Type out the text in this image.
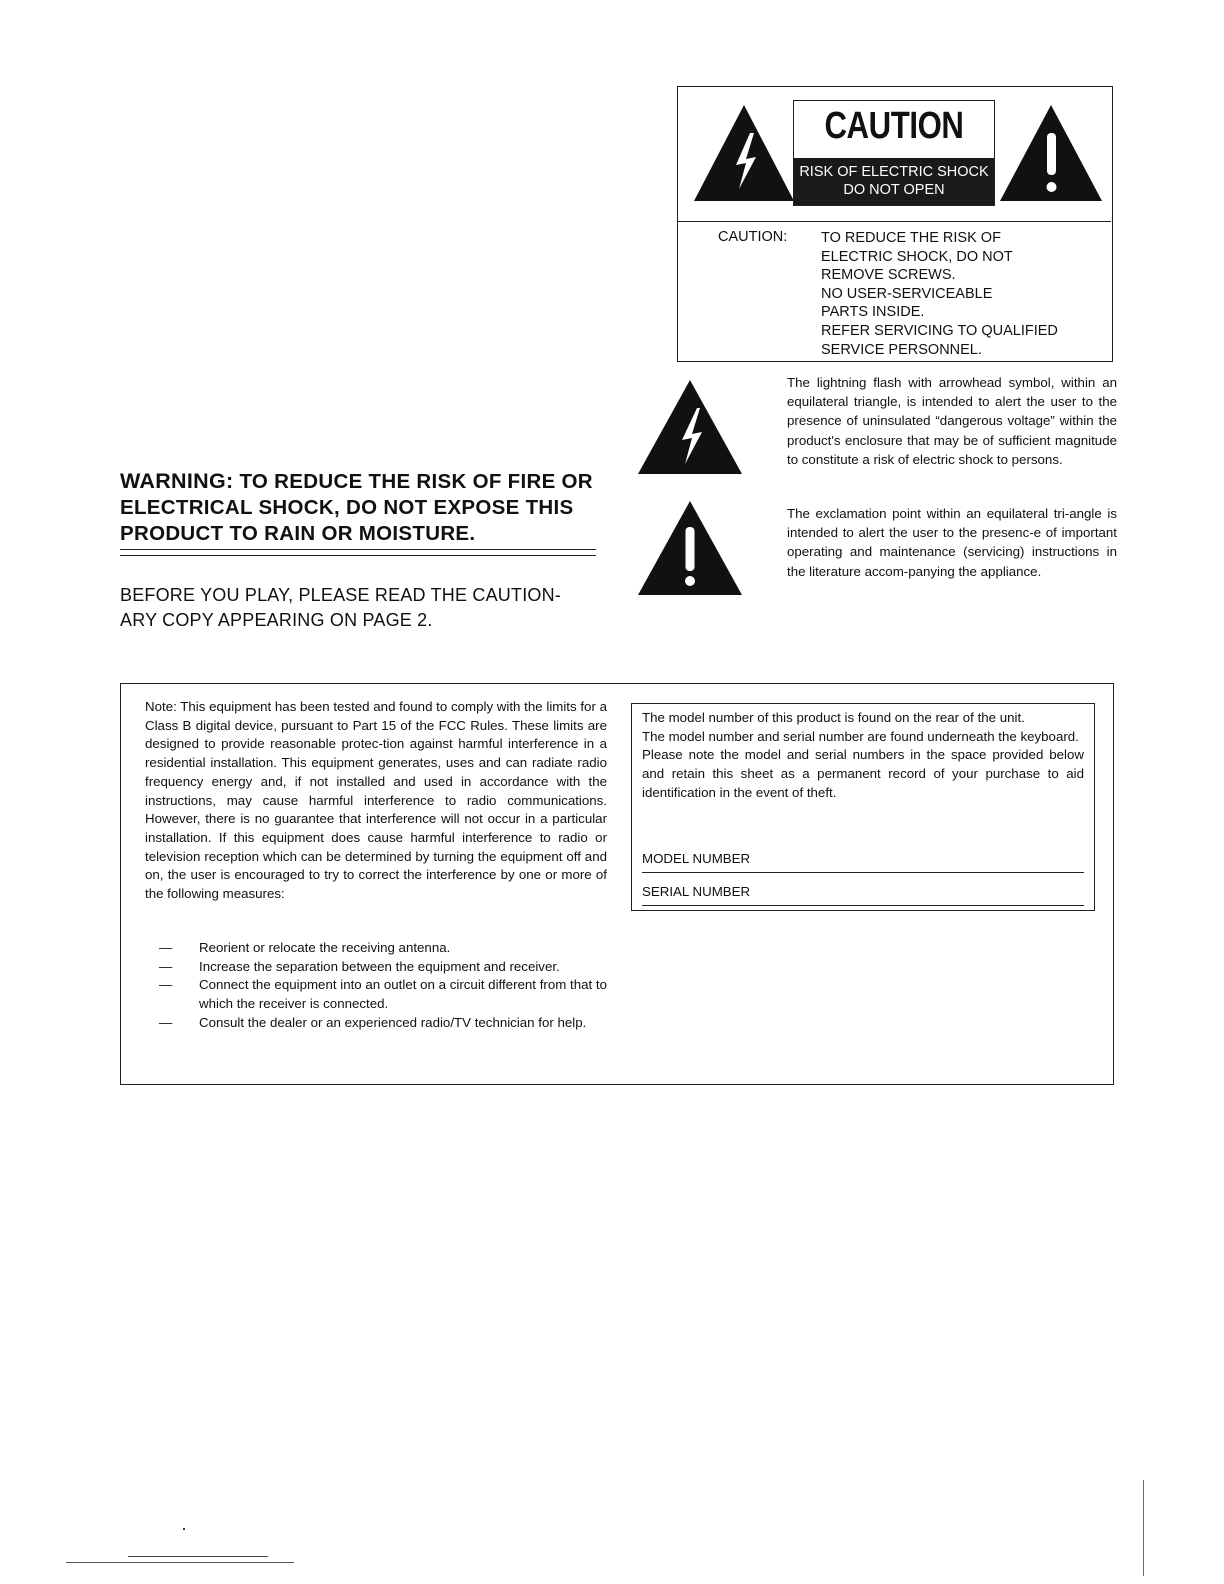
CAUTION
RISK OF ELECTRIC SHOCK
DO NOT OPEN
CAUTION: TO REDUCE THE RISK OF
ELECTRIC SHOCK, DO NOT
REMOVE SCREWS.
NO USER-SERVICEABLE
PARTS INSIDE.
REFER SERVICING TO QUALIFIED
SERVICE PERSONNEL.
The lightning flash with arrowhead symbol, within an equilateral triangle, is intended to alert the user to the presence of uninsulated “dangerous voltage” within the product's enclosure that may be of sufficient magnitude to constitute a risk of electric shock to persons.
The exclamation point within an equilateral tri-angle is intended to alert the user to the presenc-e of important operating and maintenance (servicing) instructions in the literature accom-panying the appliance.
WARNING: TO REDUCE THE RISK OF FIRE OR ELECTRICAL SHOCK, DO NOT EXPOSE THIS PRODUCT TO RAIN OR MOISTURE.
BEFORE YOU PLAY, PLEASE READ THE CAUTION-ARY COPY APPEARING ON PAGE 2.
Note: This equipment has been tested and found to comply with the limits for a Class B digital device, pursuant to Part 15 of the FCC Rules. These limits are designed to provide reasonable protec-tion against harmful interference in a residential installation. This equipment generates, uses and can radiate radio frequency energy and, if not installed and used in accordance with the instructions, may cause harmful interference to radio communications. However, there is no guarantee that interference will not occur in a particular installation. If this equipment does cause harmful interference to radio or television reception which can be determined by turning the equipment off and on, the user is encouraged to try to correct the interference by one or more of the following measures:
— Reorient or relocate the receiving antenna.
— Increase the separation between the equipment and receiver.
— Connect the equipment into an outlet on a circuit different from that to which the receiver is connected.
— Consult the dealer or an experienced radio/TV technician for help.

The model number of this product is found on the rear of the unit.

The model number and serial number are found underneath the keyboard.

Please note the model and serial numbers in the space provided below and retain this sheet as a permanent record of your purchase to aid identification in the event of theft.

MODEL NUMBER
SERIAL NUMBER
